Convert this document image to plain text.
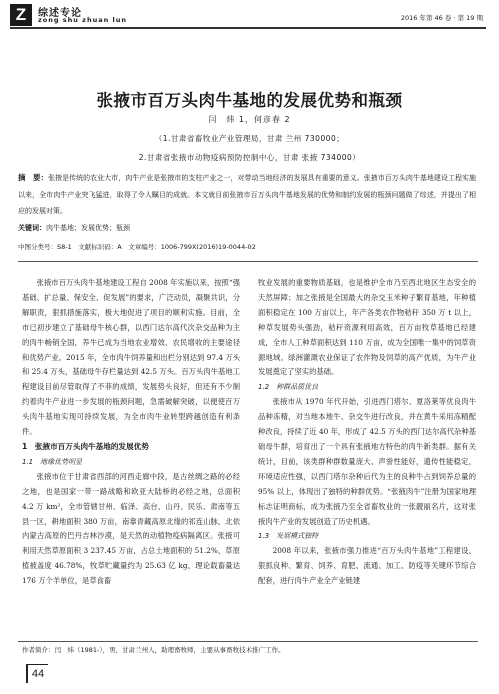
Z	综述专论
zong shu zhuan lun	2016 年第 46 卷 · 第 19 期
张掖市百万头肉牛基地的发展优势和瓶颈
闫　炜 1，何彦春 2
（1.甘肃省畜牧业产业管理局，甘肃 兰州 730000；
2.甘肃省张掖市动物疫病预防控制中心，甘肃 张掖 734000）
摘　要：张掖是传统的农业大市，肉牛产业是张掖市的支柱产业之一，对带动当地经济的发展具有重要的意义。张掖市百万头肉牛基地建设工程实施以来，全市肉牛产业突飞猛进，取得了令人瞩目的成就。本文就目前张掖市百万头肉牛基地发展的优势和制约发展的瓶颈问题做了综述，并提出了相应的发展对策。
关键词：肉牛基地；发展优势；瓶颈
中图分类号：S8-1　文献标识码：A　文章编号：1006-799X(2016)19-0044-02

张掖市百万头肉牛基地建设工程自 2008 年实施以来，按照“强基础、扩总量、保安全、促发展”的要求，广泛动员，凝聚共识，分解职责，狠抓措施落实，极大地促进了项目的顺利实施。目前，全市已初步建立了基础母牛核心群，以西门达尔高代次杂交品种为主的肉牛畅销全国，养牛已成为当地农业增效、农民增收的主要途径和优势产业。2015 年，全市肉牛饲养量和出栏分别达到 97.4 万头和 25.4 万头，基础母牛存栏量达到 42.5 万头。百万头肉牛基地工程建设目前尽管取得了不菲的成绩，发展势头良好，但还有不少制约着肉牛产业进一步发展的瓶颈问题，急需破解突破，以便使百万头肉牛基地实现可持续发展，为全市肉牛业转型跨越创造有利条件。

1　张掖市百万头肉牛基地的发展优势
1.1　地缘优势明显

张掖市位于甘肃省西部的河西走廊中段，是古丝绸之路的必经之地，也是国家一带一路战略和欧亚大陆桥的必经之地，总面积 4.2 万 km²，全市管辖甘州、临泽、高台、山丹、民乐、肃南等五县一区，耕地面积 380 万亩，南靠青藏高原北缘的祁连山脉，北依内蒙古高原的巴丹吉林沙漠，是天然的动植物疫病隔离区。张掖可利用天然草原面积 3 237.45 万亩，占总土地面积的 51.2%，草原植被盖度 46.78%，牧草贮藏量约为 25.63 亿 kg，理论载畜量达 176 万个羊单位，是草食畜

牧业发展的重要物质基础，也是维护全市乃至西北地区生态安全的天然屏障；加之张掖是全国最大的杂交玉米种子繁育基地，年种植面积稳定在 100 万亩以上，年产各类农作物秸秆 350 万 t 以上，种草发展势头强劲，秸秆资源利用高效，百万亩牧草基地已经建成，全市人工种草面积达到 110 万亩，成为全国唯一集中的饲草资源地域。绿洲灌溉农业保证了农作物及饲草的高产优质，为牛产业发展奠定了坚实的基础。

1.2　种群品质优良

张掖市从 1970 年代开始，引进西门塔尔、夏洛莱等优良肉牛品种冻精，对当地本地牛、杂交牛进行改良，并在黄牛采用冻精配种改良，持续了近 40 年，形成了 42.5 万头的西门达尔高代杂种基础母牛群，培育出了一个具有张掖地方特色的肉牛新类群。据有关统计，目前，该类群种群数量庞大、声誉性能好，遗传性能稳定，环境适应性强，以西门塔尔杂种后代为主的良种牛占到饲养总量的 95% 以上，体现出了独特的种群优势。“张掖肉牛”注册为国家地理标志证明商标，成为张掖乃至全省畜牧业的一张靓丽名片，这对张掖肉牛产业的发展创造了历史机遇。

1.3　发展模式独特

2008 年以来，张掖市强力推进“百万头肉牛基地”工程建设，狠抓良种、繁育、饲养、育肥、流通、加工、防疫等关键环节综合配套，进行肉牛产业全产业链建

作者简介：闫　炜（1981-），男，甘肃兰州人，助理畜牧师，主要从事畜牧技术推广工作。
44
